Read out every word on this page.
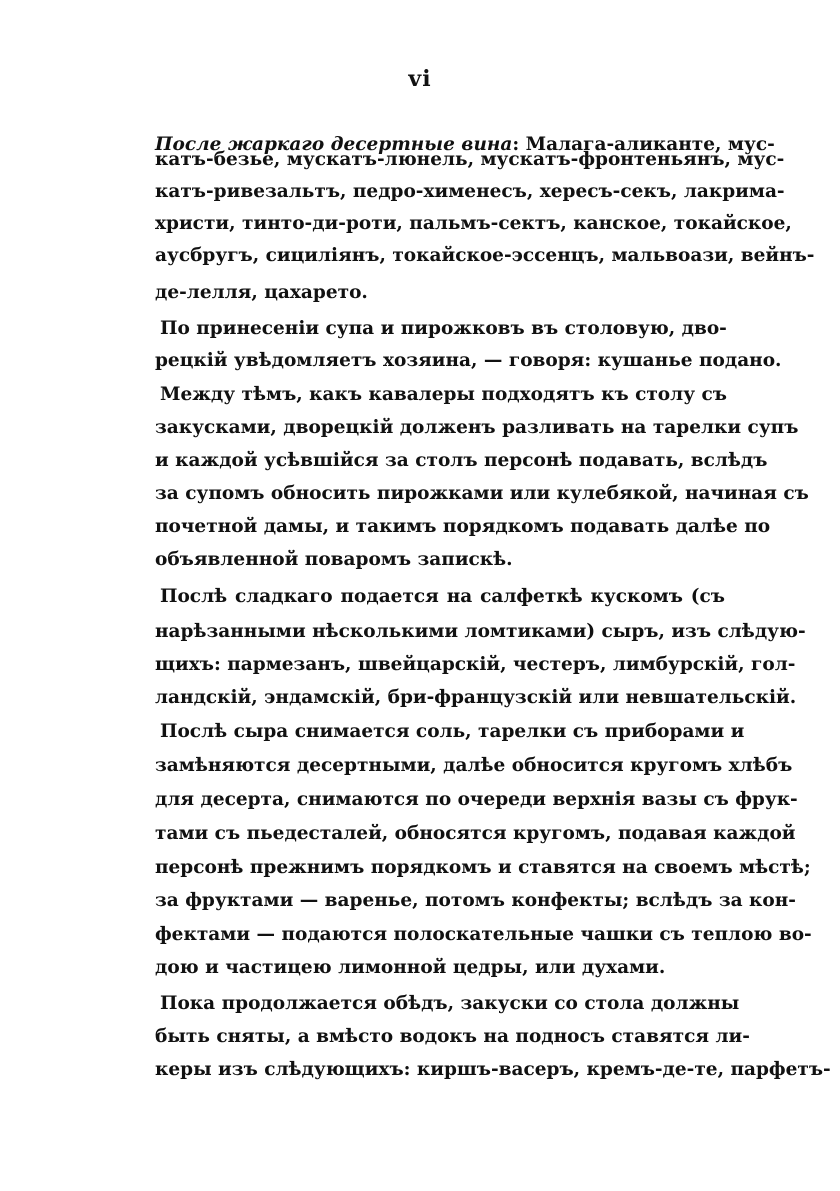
vi
После жаркаго десертные вина: Малага-аликанте, мус-
катъ-безье, мускатъ-люнель, мускатъ-фронтеньянъ, мус-
катъ-ривезальтъ, педро-хименесъ, хересъ-секъ, лакрима-
христи, тинто-ди-роти, пальмъ-сектъ, канское, токайское,
аусбругъ, сицилiянъ, токайское-эссенцъ, мальвоази, вейнъ-
де-лелля, цахарето.
По принесенiи супа и пирожковъ въ столовую, дво-
рецкiй увѣдомляетъ хозяина, — говоря: кушанье подано.
Между тѣмъ, какъ кавалеры подходятъ къ столу съ
закусками, дворецкiй долженъ разливать на тарелки супъ
и каждой усѣвшiйся за столъ персонѣ подавать, вслѣдъ
за супомъ обносить пирожками или кулебякой, начиная съ
почетной дамы, и такимъ порядкомъ подавать далѣе по
объявленной поваромъ запискѣ.
Послѣ сладкаго подается на салфеткѣ кускомъ (съ
нарѣзанными нѣсколькими ломтиками) сыръ, изъ слѣдую-
щихъ: пармезанъ, швейцарскiй, честеръ, лимбурскiй, гол-
ландскiй, эндамскiй, бри-французскiй или невшательскiй.
Послѣ сыра снимается соль, тарелки съ приборами и
замѣняются десертными, далѣе обносится кругомъ хлѣбъ
для десерта, снимаются по очереди верхнiя вазы съ фрук-
тами съ пьедесталей, обносятся кругомъ, подавая каждой
персонѣ прежнимъ порядкомъ и ставятся на своемъ мѣстѣ;
за фруктами — варенье, потомъ конфекты; вслѣдъ за кон-
фектами — подаются полоскательные чашки съ теплою во-
дою и частицею лимонной цедры, или духами.
Пока продолжается обѣдъ, закуски со стола должны
быть сняты, а вмѣсто водокъ на подносъ ставятся ли-
керы изъ слѣдующихъ: киршъ-васеръ, кремъ-де-те, парфетъ-
